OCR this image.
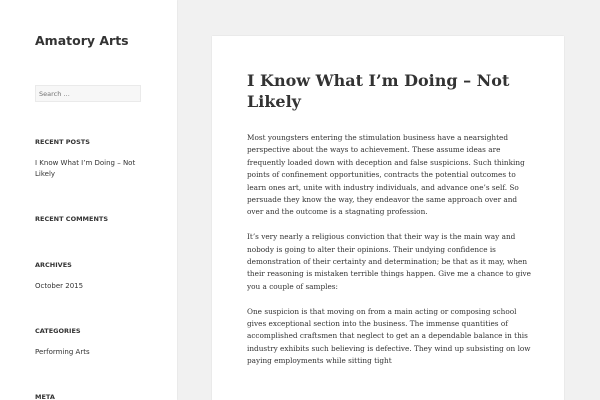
Amatory Arts
Search …
RECENT POSTS
I Know What I’m Doing – Not Likely
RECENT COMMENTS
ARCHIVES
October 2015
CATEGORIES
Performing Arts
META
I Know What I’m Doing – Not Likely

Most youngsters entering the stimulation business have a nearsighted perspective about the ways to achievement. These assume ideas are frequently loaded down with deception and false suspicions. Such thinking points of confinement opportunities, contracts the potential outcomes to learn ones art, unite with industry individuals, and advance one’s self. So persuade they know the way, they endeavor the same approach over and over and the outcome is a stagnating profession.

It’s very nearly a religious conviction that their way is the main way and nobody is going to alter their opinions. Their undying confidence is demonstration of their certainty and determination; be that as it may, when their reasoning is mistaken terrible things happen. Give me a chance to give you a couple of samples:

One suspicion is that moving on from a main acting or composing school gives exceptional section into the business. The immense quantities of accomplished craftsmen that neglect to get an a dependable balance in this industry exhibits such believing is defective. They wind up subsisting on low paying employments while sitting tight
